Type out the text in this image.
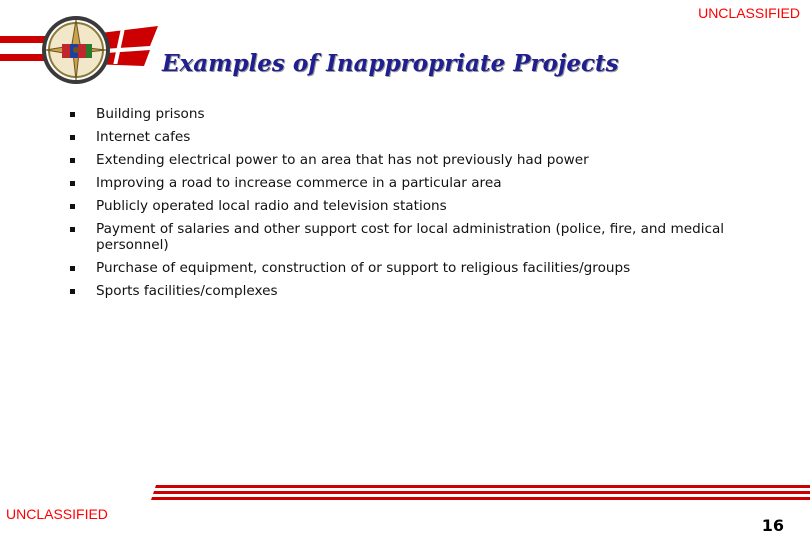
UNCLASSIFIED
Examples of Inappropriate Projects
Building prisons
Internet cafes
Extending electrical power to an area that has not previously had power
Improving a road to increase commerce in a particular area
Publicly operated local radio and television stations
Payment of salaries and other support cost for local administration (police, fire, and medical personnel)
Purchase of equipment, construction of or support to religious facilities/groups
Sports facilities/complexes
UNCLASSIFIED
16
